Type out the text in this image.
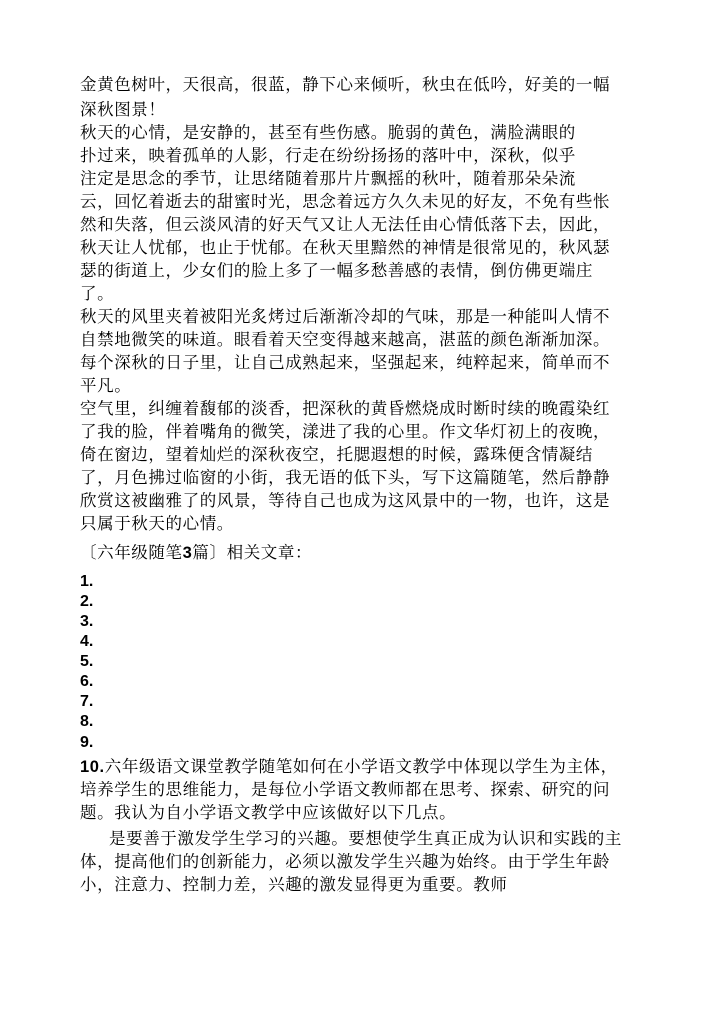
金黄色树叶，天很高，很蓝，静下心来倾听，秋虫在低吟，好美的一幅

深秋图景！

秋天的心情，是安静的，甚至有些伤感。脆弱的黄色，满脸满眼的

扑过来，映着孤单的人影，行走在纷纷扬扬的落叶中，深秋，似乎

注定是思念的季节，让思绪随着那片片飘摇的秋叶，随着那朵朵流

云，回忆着逝去的甜蜜时光，思念着远方久久未见的好友，不免有些怅

然和失落，但云淡风清的好天气又让人无法任由心情低落下去，因此，

秋天让人忧郁，也止于忧郁。在秋天里黯然的神情是很常见的，秋风瑟

瑟的街道上，少女们的脸上多了一幅多愁善感的表情，倒仿佛更端庄

了。

秋天的风里夹着被阳光炙烤过后渐渐冷却的气味，那是一种能叫人情不

自禁地微笑的味道。眼看着天空变得越来越高，湛蓝的颜色渐渐加深。

每个深秋的日子里，让自己成熟起来，坚强起来，纯粹起来，简单而不

平凡。

空气里，纠缠着馥郁的淡香，把深秋的黄昏燃烧成时断时续的晚霞染红

了我的脸，伴着嘴角的微笑，漾进了我的心里。作文华灯初上的夜晚，

倚在窗边，望着灿烂的深秋夜空，托腮遐想的时候，露珠便含情凝结

了，月色拂过临窗的小街，我无语的低下头，写下这篇随笔，然后静静

欣赏这被幽雅了的风景，等待自己也成为这风景中的一物，也许，这是

只属于秋天的心情。

〔六年级随笔3篇〕相关文章：

1.
2.
3.
4.
5.
6.
7.
8.
9.

10.六年级语文课堂教学随笔如何在小学语文教学中体现以学生为主体，

培养学生的思维能力，是每位小学语文教师都在思考、探索、研究的问

题。我认为自小学语文教学中应该做好以下几点。

是要善于激发学生学习的兴趣。要想使学生真正成为认识和实践的主

体，提高他们的创新能力，必须以激发学生兴趣为始终。由于学生年龄

小，注意力、控制力差，兴趣的激发显得更为重要。教师
